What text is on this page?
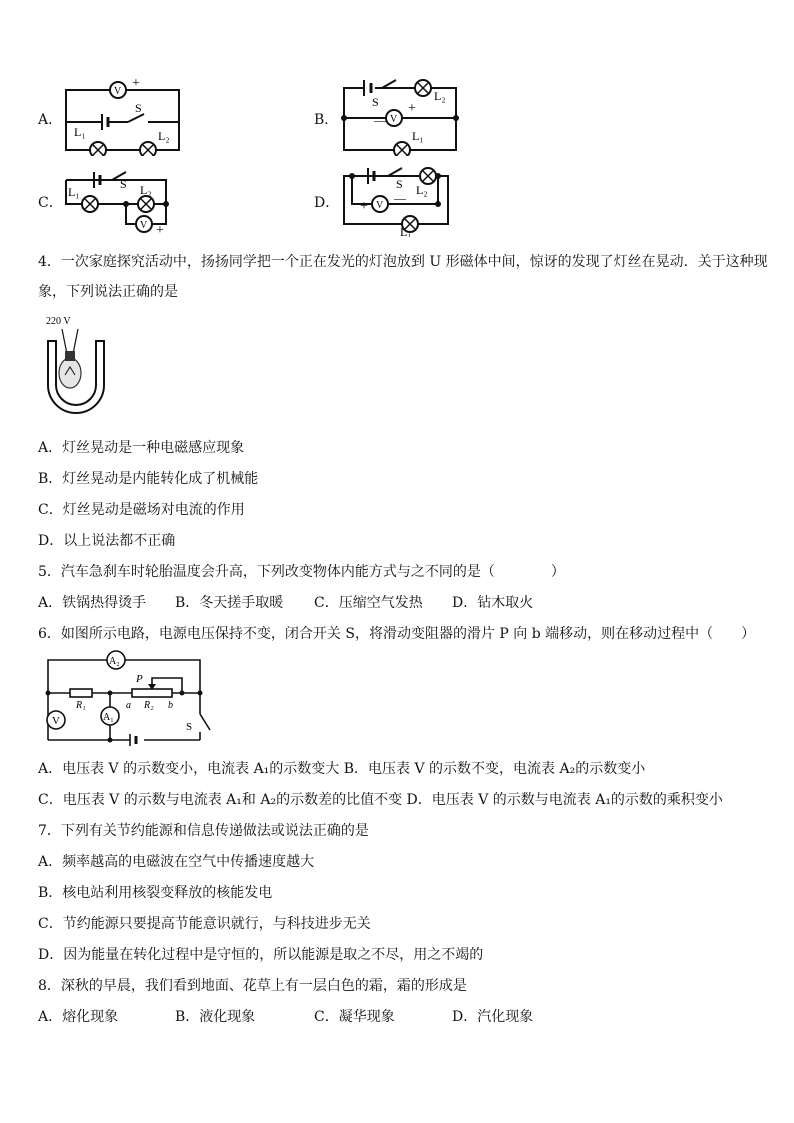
A．
V
+
S
L₁	L₂
B．
S	L₂
+
V
—
L₁
C．
L₁
S L₂
V +
D．
S L₂
+ V
—
L₁
4．一次家庭探究活动中，扬扬同学把一个正在发光的灯泡放到 U 形磁体中间，惊讶的发现了灯丝在晃动．关于这种现
象，下列说法正确的是
220 V
A．灯丝晃动是一种电磁感应现象
B．灯丝晃动是内能转化成了机械能
C．灯丝晃动是磁场对电流的作用
D．以上说法都不正确
5．汽车急刹车时轮胎温度会升高，下列改变物体内能方式与之不同的是（　　　　）
A．铁锅热得烫手 B．冬天搓手取暖 C．压缩空气发热 D．钻木取火
6．如图所示电路，电源电压保持不变，闭合开关 S，将滑动变阻器的滑片 P 向 b 端移动，则在移动过程中（　　）
A₂
V	A₁
R₁	R₂
P
a	b
S
A．电压表 V 的示数变小，电流表 A₁的示数变大 B．电压表 V 的示数不变，电流表 A₂的示数变小
C．电压表 V 的示数与电流表 A₁和 A₂的示数差的比值不变 D．电压表 V 的示数与电流表 A₁的示数的乘积变小
7．下列有关节约能源和信息传递做法或说法正确的是
A．频率越高的电磁波在空气中传播速度越大
B．核电站利用核裂变释放的核能发电
C．节约能源只要提高节能意识就行，与科技进步无关
D．因为能量在转化过程中是守恒的，所以能源是取之不尽，用之不竭的
8．深秋的早晨，我们看到地面、花草上有一层白色的霜，霜的形成是
A．熔化现象	B．液化现象	C．凝华现象	D．汽化现象
